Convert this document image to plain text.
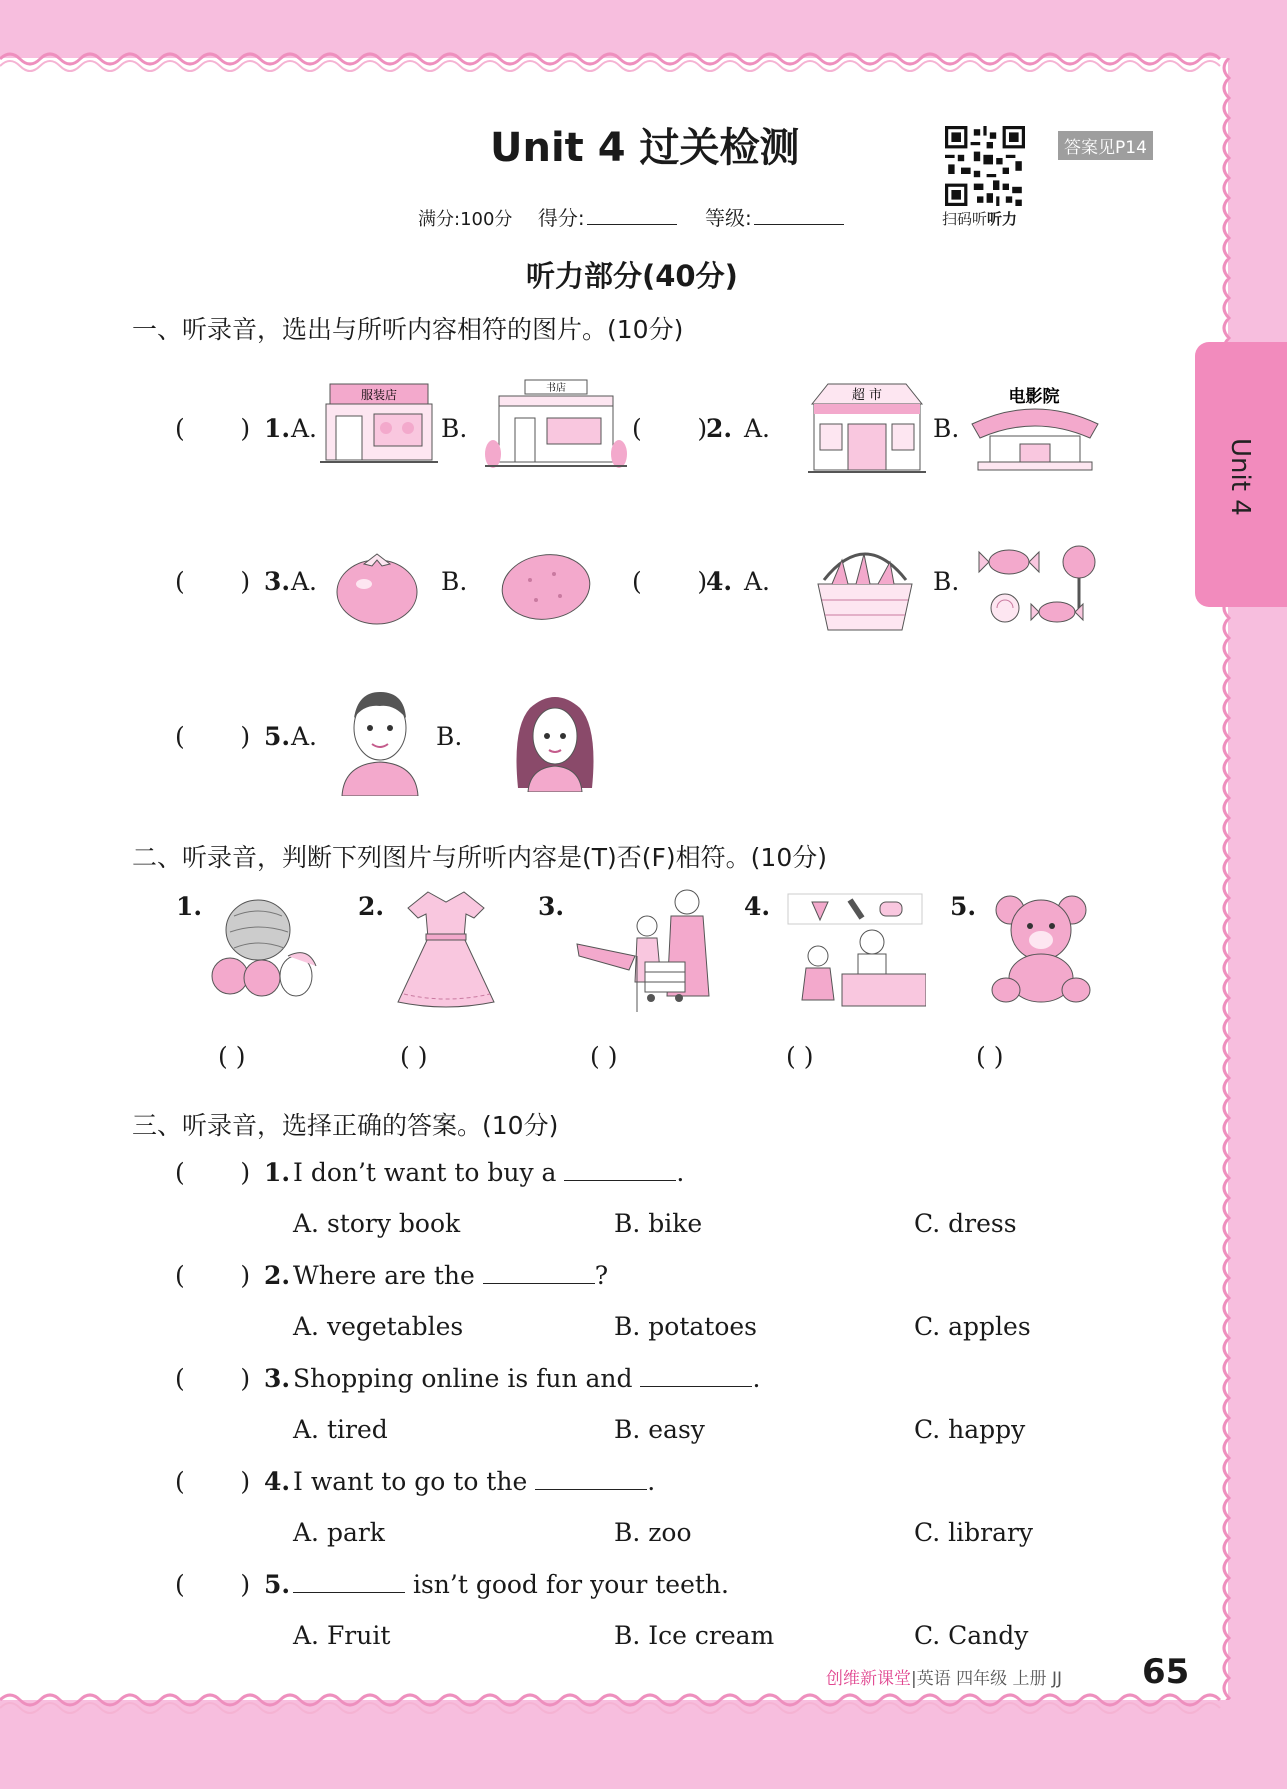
Unit 4
Unit 4 过关检测
扫码听听力
答案见P14
满分:100分 得分:	等级:
听力部分(40分)
一、听录音，选出与所听内容相符的图片。(10分)
(       ) 1. A.
服装店
B.
书店
(       )
2. A.
超 市
B.
电影院
(       ) 3. A.	B.	(       )
4. A.	B.
(       ) 5. A.	B.
二、听录音，判断下列图片与所听内容是(T)否(F)相符。(10分)
1.	2.	3.	4.	5.
( )	( )	( )	( )	( )
三、听录音，选择正确的答案。(10分)
(       ) 1. I don’t want to buy a	.
A. story book	B. bike	C. dress
(       ) 2. Where are the	?
A. vegetables	B. potatoes	C. apples
(       ) 3. Shopping online is fun and	.
A. tired	B. easy	C. happy
(       ) 4. I want to go to the	.
A. park	B. zoo	C. library
(       ) 5.	isn’t good for your teeth.
A. Fruit	B. Ice cream	C. Candy
创维新课堂|英语 四年级 上册 JJ 65
